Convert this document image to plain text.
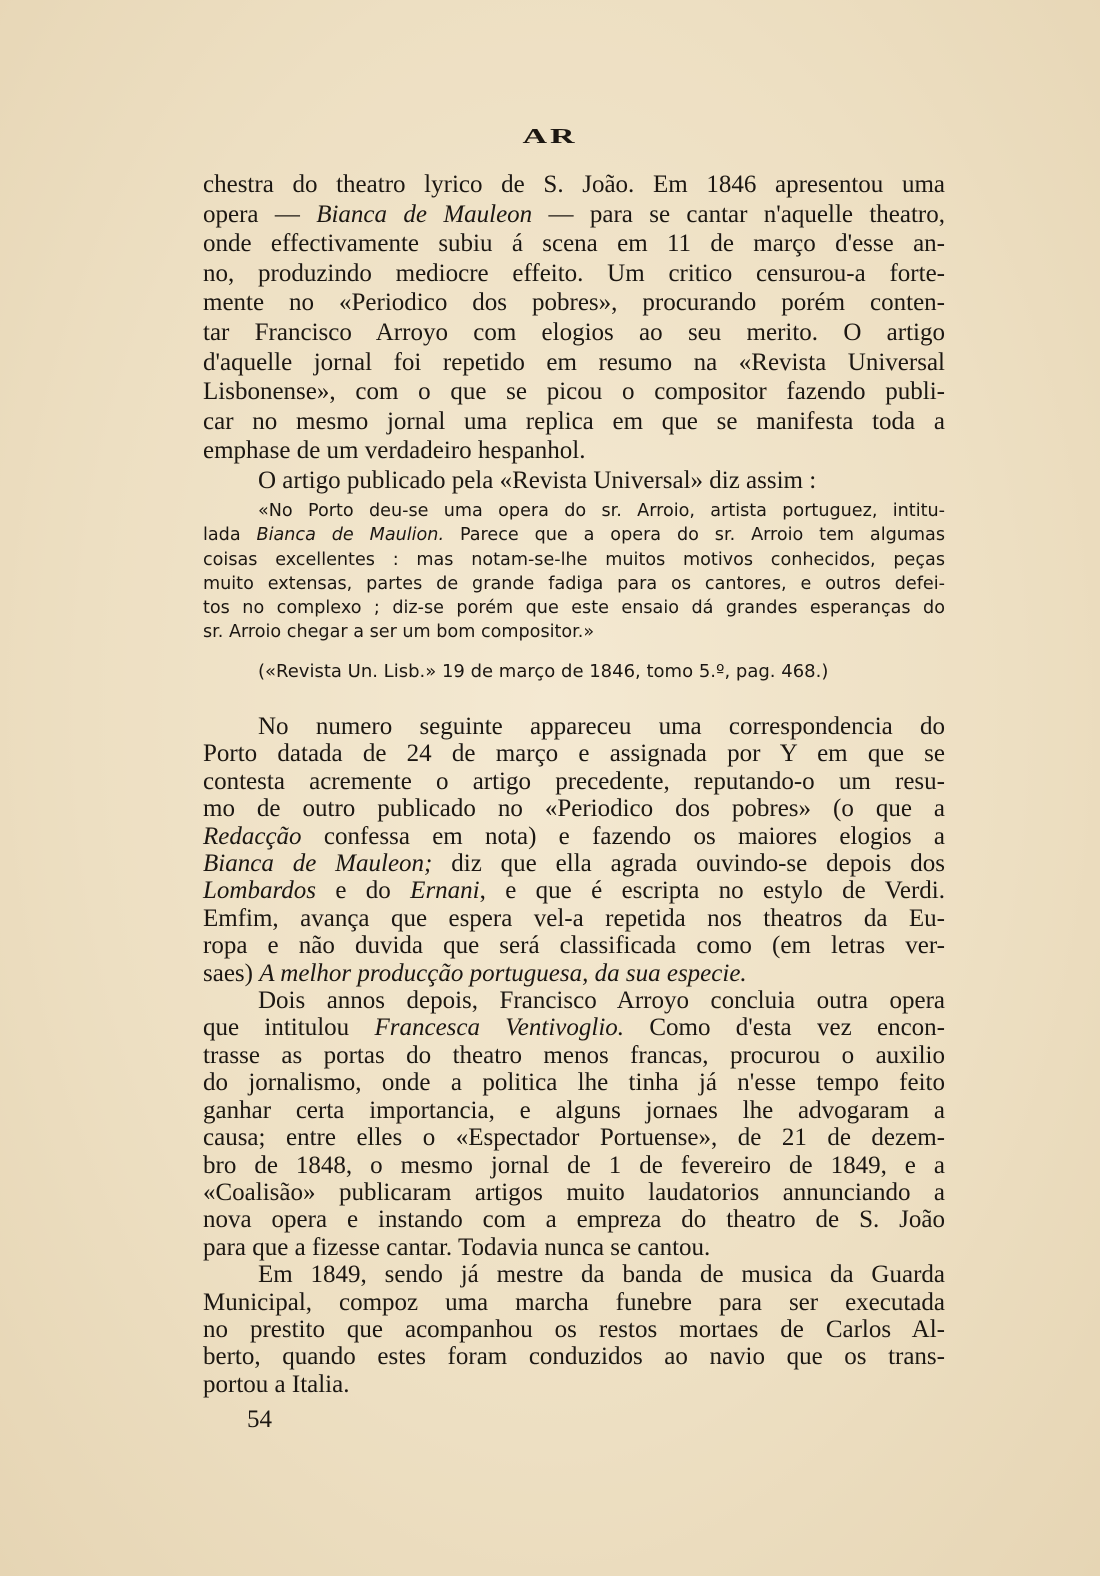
AR
chestra do theatro lyrico de S. João. Em 1846 apresentou uma
opera — Bianca de Mauleon — para se cantar n'aquelle theatro,
onde effectivamente subiu á scena em 11 de março d'esse an-
no, produzindo mediocre effeito. Um critico censurou-a forte-
mente no «Periodico dos pobres», procurando porém conten-
tar Francisco Arroyo com elogios ao seu merito. O artigo
d'aquelle jornal foi repetido em resumo na «Revista Universal
Lisbonense», com o que se picou o compositor fazendo publi-
car no mesmo jornal uma replica em que se manifesta toda a
emphase de um verdadeiro hespanhol.
O artigo publicado pela «Revista Universal» diz assim :
«No Porto deu-se uma opera do sr. Arroio, artista portuguez, intitu-
lada Bianca de Maulion. Parece que a opera do sr. Arroio tem algumas
coisas excellentes : mas notam-se-lhe muitos motivos conhecidos, peças
muito extensas, partes de grande fadiga para os cantores, e outros defei-
tos no complexo ; diz-se porém que este ensaio dá grandes esperanças do
sr. Arroio chegar a ser um bom compositor.»
(«Revista Un. Lisb.» 19 de março de 1846, tomo 5.º, pag. 468.)
No numero seguinte appareceu uma correspondencia do
Porto datada de 24 de março e assignada por Y em que se
contesta acremente o artigo precedente, reputando-o um resu-
mo de outro publicado no «Periodico dos pobres» (o que a
Redacção confessa em nota) e fazendo os maiores elogios a
Bianca de Mauleon; diz que ella agrada ouvindo-se depois dos
Lombardos e do Ernani, e que é escripta no estylo de Verdi.
Emfim, avança que espera vel-a repetida nos theatros da Eu-
ropa e não duvida que será classificada como (em letras ver-
saes) A melhor producção portuguesa, da sua especie.
Dois annos depois, Francisco Arroyo concluia outra opera
que intitulou Francesca Ventivoglio. Como d'esta vez encon-
trasse as portas do theatro menos francas, procurou o auxilio
do jornalismo, onde a politica lhe tinha já n'esse tempo feito
ganhar certa importancia, e alguns jornaes lhe advogaram a
causa; entre elles o «Espectador Portuense», de 21 de dezem-
bro de 1848, o mesmo jornal de 1 de fevereiro de 1849, e a
«Coalisão» publicaram artigos muito laudatorios annunciando a
nova opera e instando com a empreza do theatro de S. João
para que a fizesse cantar. Todavia nunca se cantou.
Em 1849, sendo já mestre da banda de musica da Guarda
Municipal, compoz uma marcha funebre para ser executada
no prestito que acompanhou os restos mortaes de Carlos Al-
berto, quando estes foram conduzidos ao navio que os trans-
portou a Italia.
54
